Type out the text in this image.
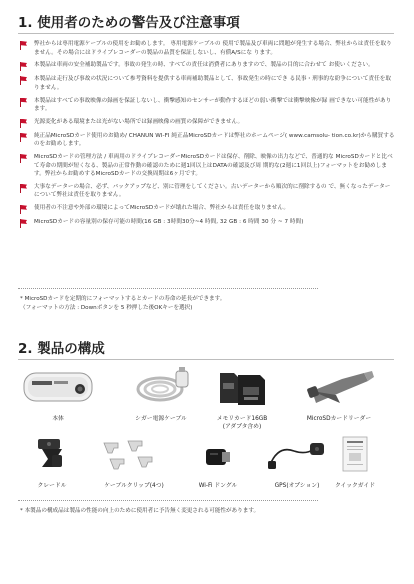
1. 使用者のための警告及び注意事項
弊社からは専用電源ケーブルの使用をお勧めします。 専用電源ケーブルの 使用で製品及び車両に問題が発生する場合、弊社からは責任を取りません。その場合にはドライブレコーダーの製品の品質を保証しないし、有償A/Sにな ります。
本製品は車両の安全補助製品です。事故の発生の時、すべての責任は消費者にありますので、製品の目的に合わせて お使いください。
本製品は走行及び事故の状況について参考資料を提供する車両補助製品として、事故発生の時にでき る民事・刑事的な紛争について責任を取りません。
本製品はすべての事故映像の録画を保証しないし、衝撃感知のセンサーが動作するほどの弱い衝撃では衝撃映像が録 画できない可能性があります。
光源変化がある環境または光がない場所では録画映像の画質の保障ができません。
純正品MicroSDカード使用のお勧め/ CHANUN WI-FI 純正品MicroSDカードは弊社のホームページ( www.camsolu- tion.co.kr)から購買するのをお勧めします。
MicroSDカードの管理方法 / 車両用のドライブレコーダーMicroSDカードは保存、削除、映像の出力などで、普通的な MicroSDカードと比べて寿命の期間が短くなる、製品の正常作動の確認のために週1回以上はDATAの確認及び周 期的な(2週に1回以上)フォーマットをお勧めします。弊社からお勧めするMicroSDカードの交換周期は6ヶ月です。
大事なデーターの場合、必ず、バックアップなど、別に管理をしてください。古いデーターから順次的に削除するの で、無くなったデーターについて弊社は責任を取りません。
使用者の不注意や外部の環境によってMicroSDカードが壊れた場合、弊社からは責任を取りません。
MicroSDカードの容量別の保存可能の時間(16 GB : 3時間30分~4 時間, 32 GB : 6 時間 30 分 ~ 7 時間)
* MicroSDカードを定期的にフォーマットするとカードの寿命の延長ができます。
（フォーマットの方法 : Downボタンを 5 秒押した後OKキーを選択)
2. 製品の構成
本体	シガー電源ケーブル	メモリカード16GB
(アダプタ含め)
MicroSDカードリーダー
クレードル	ケーブルクリップ(4つ)	Wi-Fi ドングル	GPS(オプション)	クイックガイド
* 本製品の構成品は製品の性能の向上のために使用者に予告無く変更される可能性があります。
